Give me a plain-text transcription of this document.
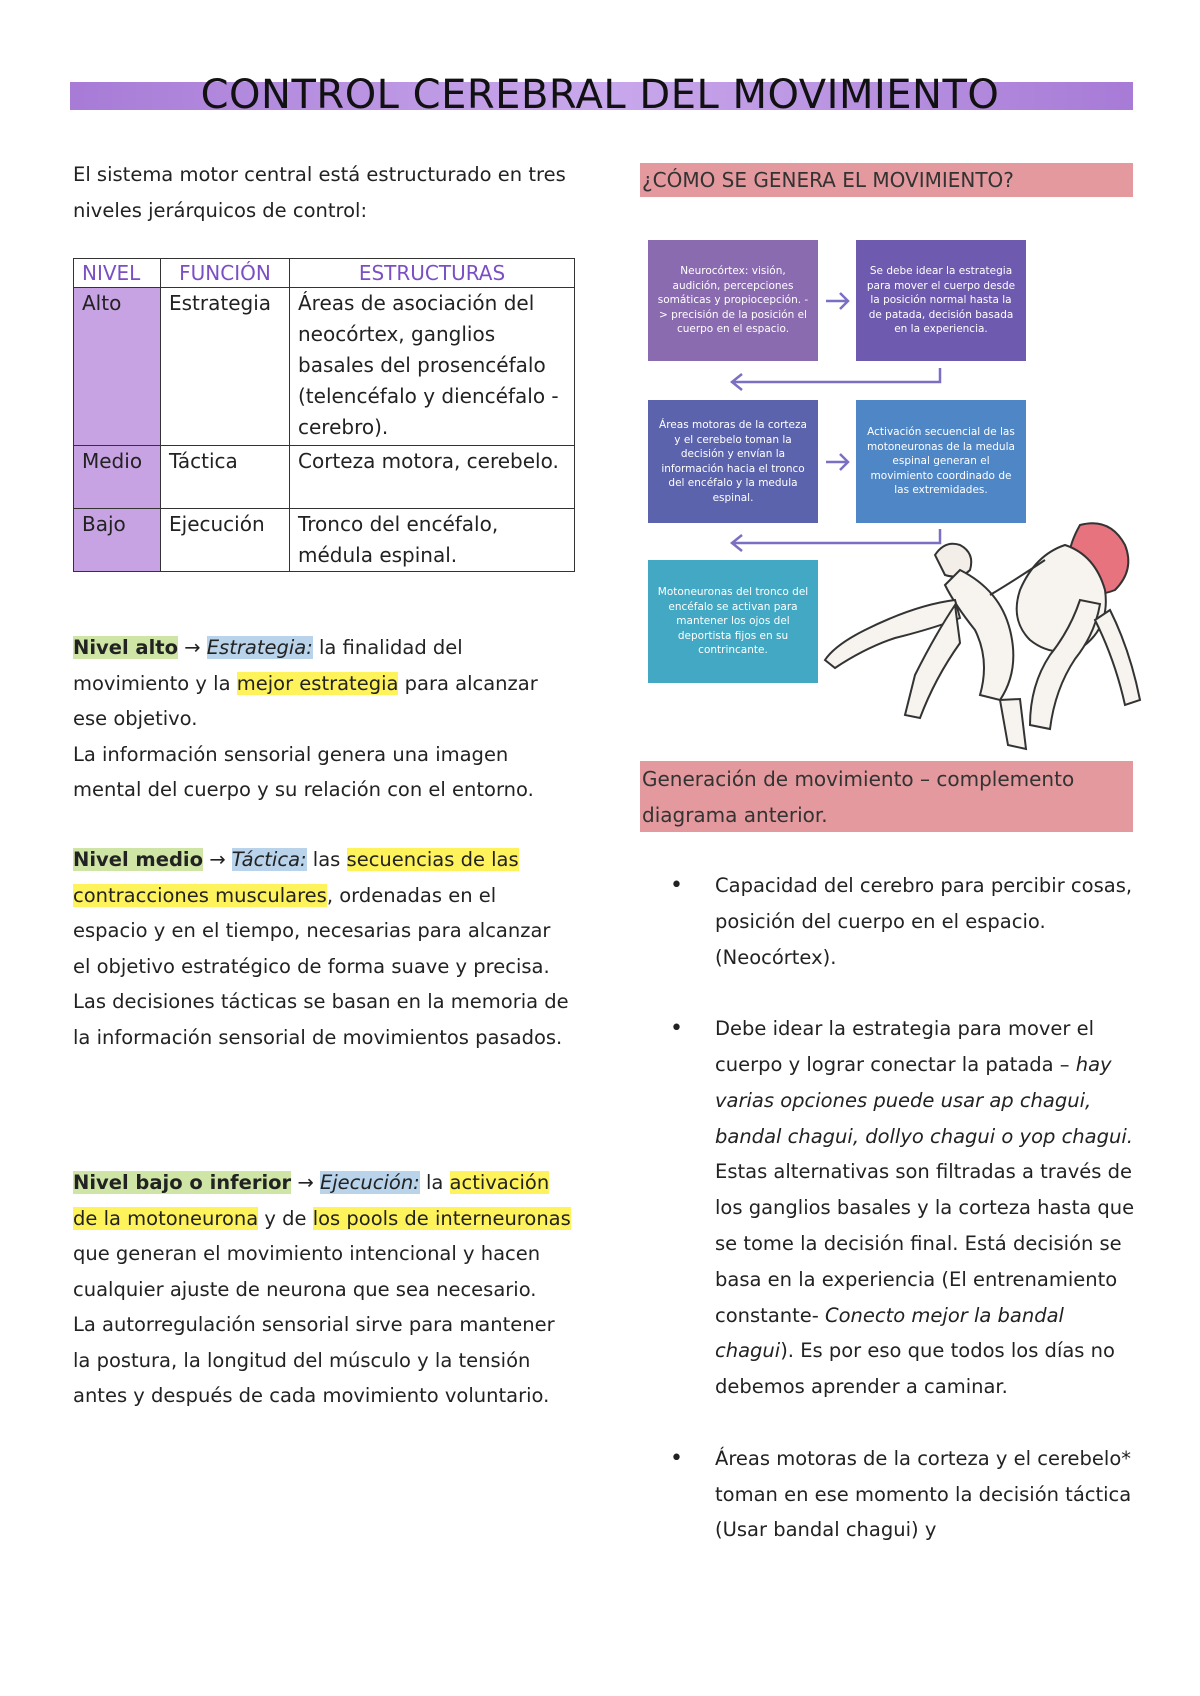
CONTROL CEREBRAL DEL MOVIMIENTO
El sistema motor central está estructurado en tres niveles jerárquicos de control:
NIVEL	FUNCIÓN	ESTRUCTURAS
Alto	Estrategia	Áreas de asociación del neocórtex, ganglios basales del prosencéfalo (telencéfalo y diencéfalo - cerebro).
Medio	Táctica	Corteza motora, cerebelo.
Bajo	Ejecución	Tronco del encéfalo, médula espinal.
Nivel alto → Estrategia: la finalidad del movimiento y la mejor estrategia para alcanzar ese objetivo.
La información sensorial genera una imagen mental del cuerpo y su relación con el entorno.
Nivel medio → Táctica: las secuencias de las contracciones musculares, ordenadas en el espacio y en el tiempo, necesarias para alcanzar el objetivo estratégico de forma suave y precisa.
Las decisiones tácticas se basan en la memoria de la información sensorial de movimientos pasados.
Nivel bajo o inferior → Ejecución: la activación de la motoneurona y de los pools de interneuronas que generan el movimiento intencional y hacen cualquier ajuste de neurona que sea necesario.
La autorregulación sensorial sirve para mantener la postura, la longitud del músculo y la tensión antes y después de cada movimiento voluntario.
¿CÓMO SE GENERA EL MOVIMIENTO?
Neurocórtex: visión, audición, percepciones somáticas y propiocepción. -> precisión de la posición el cuerpo en el espacio.
Se debe idear la estrategia para mover el cuerpo desde la posición normal hasta la de patada, decisión basada en la experiencia.
Áreas motoras de la corteza y el cerebelo toman la decisión y envían la información hacia el tronco del encéfalo y la medula espinal.
Activación secuencial de las motoneuronas de la medula espinal generan el movimiento coordinado de las extremidades.
Motoneuronas del tronco del encéfalo se activan para mantener los ojos del deportista fijos en su contrincante.
Generación de movimiento – complemento diagrama anterior.
• Capacidad del cerebro para percibir cosas, posición del cuerpo en el espacio. (Neocórtex).
• Debe idear la estrategia para mover el cuerpo y lograr conectar la patada – hay varias opciones puede usar ap chagui, bandal chagui, dollyo chagui o yop chagui. Estas alternativas son filtradas a través de los ganglios basales y la corteza hasta que se tome la decisión final. Está decisión se basa en la experiencia (El entrenamiento constante- Conecto mejor la bandal chagui). Es por eso que todos los días no debemos aprender a caminar.
• Áreas motoras de la corteza y el cerebelo* toman en ese momento la decisión táctica (Usar bandal chagui) y
